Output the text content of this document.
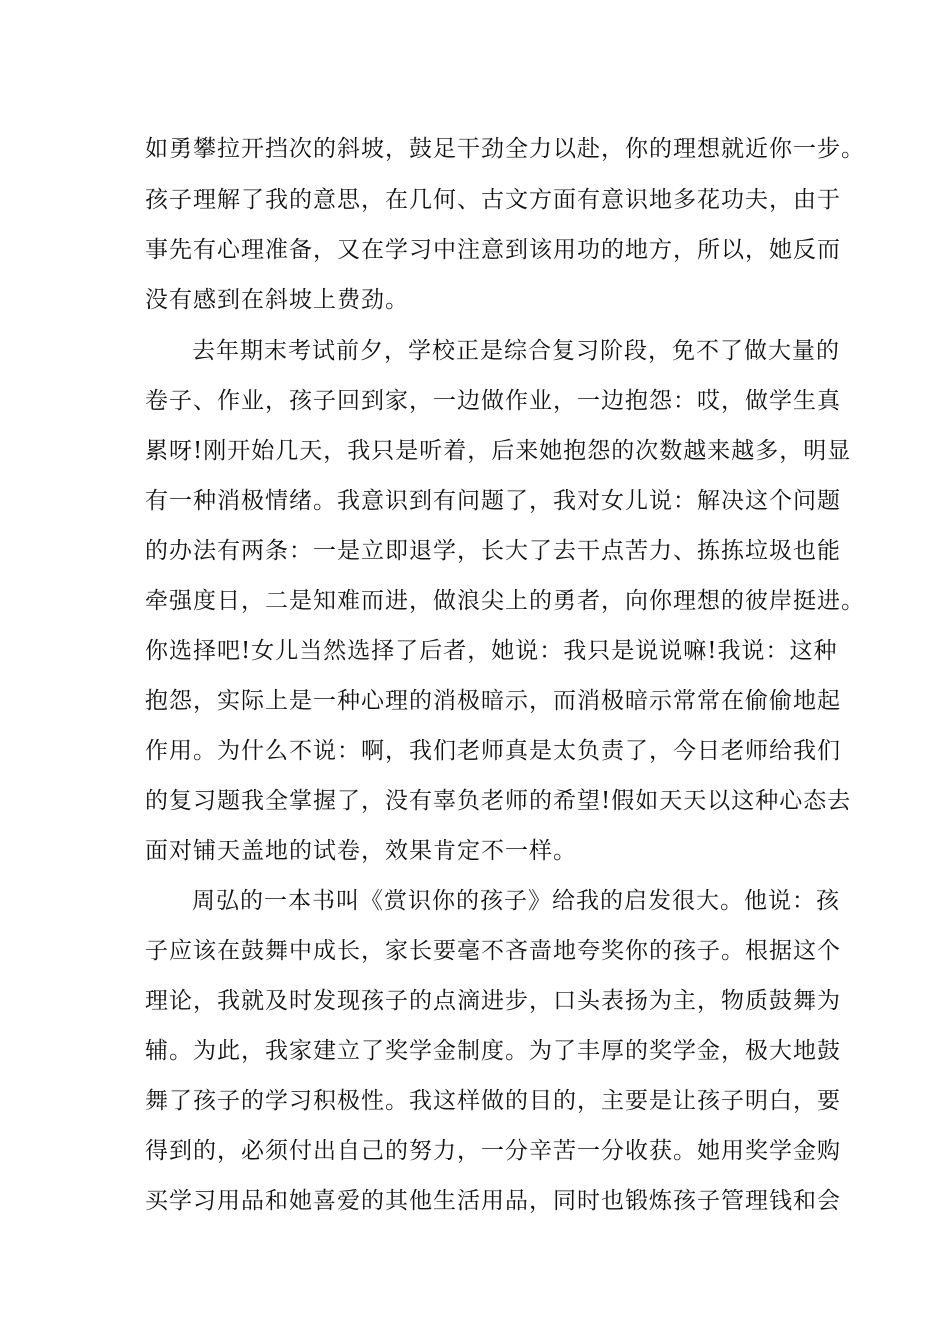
如勇攀拉开挡次的斜坡，鼓足干劲全力以赴，你的理想就近你一步。
孩子理解了我的意思，在几何、古文方面有意识地多花功夫，由于
事先有心理准备，又在学习中注意到该用功的地方，所以，她反而
没有感到在斜坡上费劲。
去年期末考试前夕，学校正是综合复习阶段，免不了做大量的
卷子、作业，孩子回到家，一边做作业，一边抱怨：哎，做学生真
累呀!刚开始几天，我只是听着，后来她抱怨的次数越来越多，明显
有一种消极情绪。我意识到有问题了，我对女儿说：解决这个问题
的办法有两条：一是立即退学，长大了去干点苦力、拣拣垃圾也能
牵强度日，二是知难而进，做浪尖上的勇者，向你理想的彼岸挺进。
你选择吧!女儿当然选择了后者，她说：我只是说说嘛!我说：这种
抱怨，实际上是一种心理的消极暗示，而消极暗示常常在偷偷地起
作用。为什么不说：啊，我们老师真是太负责了，今日老师给我们
的复习题我全掌握了，没有辜负老师的希望!假如天天以这种心态去
面对铺天盖地的试卷，效果肯定不一样。
周弘的一本书叫《赏识你的孩子》给我的启发很大。他说：孩
子应该在鼓舞中成长，家长要毫不吝啬地夸奖你的孩子。根据这个
理论，我就及时发现孩子的点滴进步，口头表扬为主，物质鼓舞为
辅。为此，我家建立了奖学金制度。为了丰厚的奖学金，极大地鼓
舞了孩子的学习积极性。我这样做的目的，主要是让孩子明白，要
得到的，必须付出自己的努力，一分辛苦一分收获。她用奖学金购
买学习用品和她喜爱的其他生活用品，同时也锻炼孩子管理钱和会
